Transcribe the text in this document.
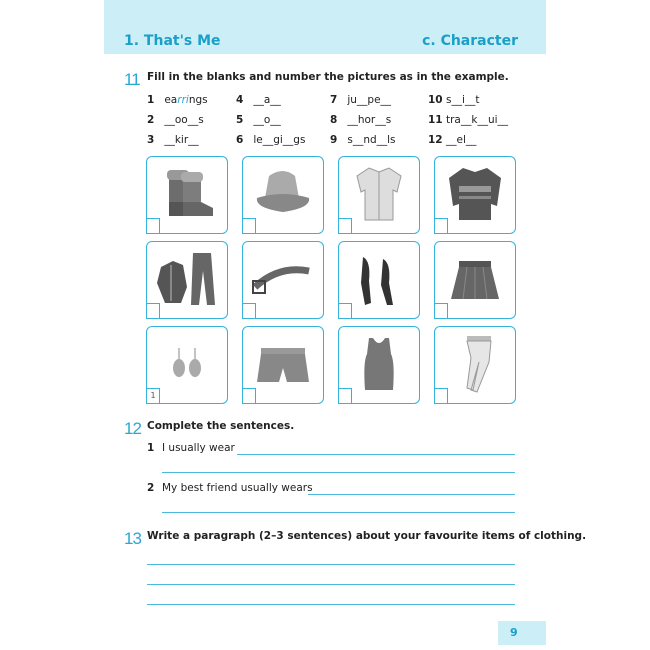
1. That's Me	c. Character
11 Fill in the blanks and number the pictures as in the example.
1 earrings	4 __a__	7 ju__pe__	10 s__i__t
2 __oo__s	5 __o__	8 __hor__s	11 tra__k__ui__
3 __kir__	6 le__gi__gs 9 s__nd__ls	12 __el__
1
12 Complete the sentences.
1 I usually wear
2 My best friend usually wears
13 Write a paragraph (2–3 sentences) about your favourite items of clothing.
9
